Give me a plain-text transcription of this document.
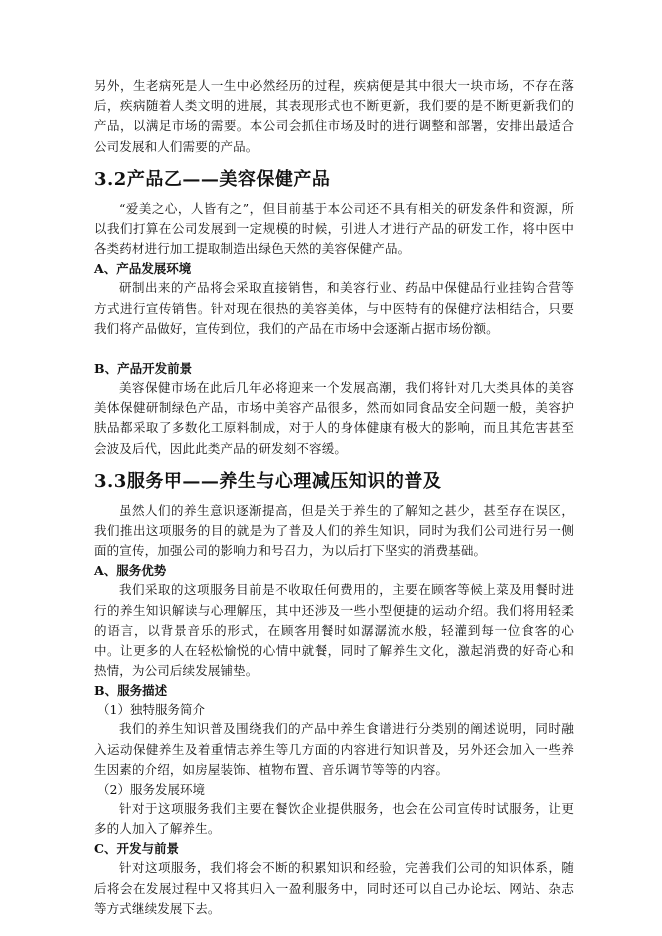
另外，生老病死是人一生中必然经历的过程，疾病便是其中很大一块市场，不存在落后，疾病随着人类文明的进展，其表现形式也不断更新，我们要的是不断更新我们的产品，以满足市场的需要。本公司会抓住市场及时的进行调整和部署，安排出最适合公司发展和人们需要的产品。

3.2产品乙——美容保健产品

“爱美之心，人皆有之”，但目前基于本公司还不具有相关的研发条件和资源，所以我们打算在公司发展到一定规模的时候，引进人才进行产品的研发工作，将中医中各类药材进行加工提取制造出绿色天然的美容保健产品。

A、产品发展环境

研制出来的产品将会采取直接销售，和美容行业、药品中保健品行业挂钩合营等方式进行宣传销售。针对现在很热的美容美体，与中医特有的保健疗法相结合，只要我们将产品做好，宣传到位，我们的产品在市场中会逐渐占据市场份额。

B、产品开发前景

美容保健市场在此后几年必将迎来一个发展高潮，我们将针对几大类具体的美容美体保健研制绿色产品，市场中美容产品很多，然而如同食品安全问题一般，美容护肤品都采取了多数化工原料制成，对于人的身体健康有极大的影响，而且其危害甚至会波及后代，因此此类产品的研发刻不容缓。

3.3服务甲——养生与心理减压知识的普及

虽然人们的养生意识逐渐提高，但是关于养生的了解知之甚少，甚至存在误区，我们推出这项服务的目的就是为了普及人们的养生知识，同时为我们公司进行另一侧面的宣传，加强公司的影响力和号召力，为以后打下坚实的消费基础。

A、服务优势

我们采取的这项服务目前是不收取任何费用的，主要在顾客等候上菜及用餐时进行的养生知识解读与心理解压，其中还涉及一些小型便捷的运动介绍。我们将用轻柔的语言，以背景音乐的形式，在顾客用餐时如潺潺流水般，轻灌到每一位食客的心中。让更多的人在轻松愉悦的心情中就餐，同时了解养生文化，激起消费的好奇心和热情，为公司后续发展铺垫。

B、服务描述
（1）独特服务简介

我们的养生知识普及围绕我们的产品中养生食谱进行分类别的阐述说明，同时融入运动保健养生及着重情志养生等几方面的内容进行知识普及，另外还会加入一些养生因素的介绍，如房屋装饰、植物布置、音乐调节等等的内容。

（2）服务发展环境

针对于这项服务我们主要在餐饮企业提供服务，也会在公司宣传时试服务，让更多的人加入了解养生。

C、开发与前景

针对这项服务，我们将会不断的积累知识和经验，完善我们公司的知识体系，随后将会在发展过程中又将其归入一盈利服务中，同时还可以自己办论坛、网站、杂志等方式继续发展下去。
